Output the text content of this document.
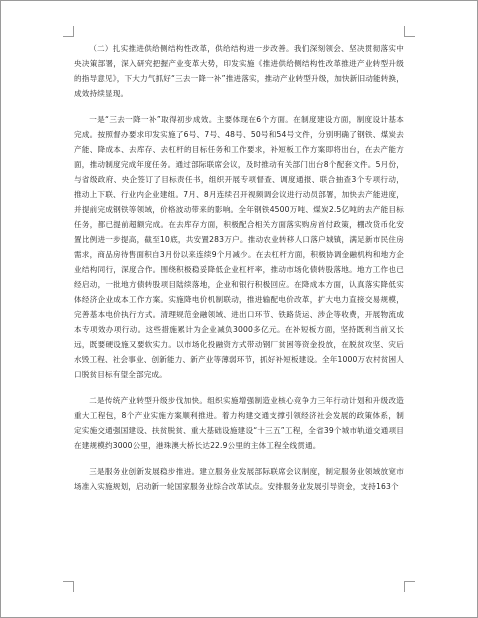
（二）扎实推进供给侧结构性改革，供给结构进一步改善。我们深刻领会、坚决贯彻落实中央决策部署，深入研究把握产业变革大势，印发实施《推进供给侧结构性改革推进产业转型升级的指导意见》，下大力气抓好“三去一降一补”推进落实，推动产业转型升级，加快新旧动能转换，成效持续显现。

一是“三去一降一补”取得初步成效。主要体现在6个方面。在制度建设方面，制度设计基本完成。按照督办要求印发实施了6号、7号、48号、50号和54号文件，分别明确了钢铁、煤炭去产能、降成本、去库存、去杠杆的目标任务和工作要求，补短板工作方案即将出台，在去产能方面，推动制度完成年度任务。通过部际联席会议，及时推动有关部门出台8个配套文件。5月份，与省级政府、央企签订了目标责任书，组织开展专项督查、调度通报、联合抽查3个专项行动，推动上下联、行业内企业建组。7月、8月连续召开视频调会议进行动员部署，加快去产能进度，并提前完成钢铁等领域，价格波动带来的影响。全年钢铁4500万吨、煤炭2.5亿吨的去产能目标任务，都已提前超额完成。在去库存方面，积极配合相关方面落实购房首付政策，棚改货币化安置比例进一步提高，截至10底，共安置283万户。推动农业转移人口落户城镇，满足新市民住房需求，商品房待售面积自3月份以来连续9个月减少。在去杠杆方面，积极协调金融机构和地方企业结构同行，深度合作。围绕积极稳妥降低企业杠杆率，推动市场化债转股落地。地方工作也已经启动，一批地方债转股项目陆续落地，企业和银行积极回应。在降成本方面，认真落实降低实体经济企业成本工作方案。实施降电价机制联动，推进输配电价改革，扩大电力直接交易规模，完善基本电价执行方式。清理规范金融领域、进出口环节、铁路货运、涉企等收费，开展物流成本专项效办项行动。这些措施累计为企业减负3000多亿元。在补短板方面，坚持既利当前又长远，既要硬设施又要软实力。以市场化投融资方式带动钢厂贫困等资金投放，在脱贫攻坚、灾后水毁工程、社会事业、创新能力、新产业等薄弱环节，抓好补短板建设。全年1000万农村贫困人口脱贫目标有望全部完成。

二是传统产业转型升级步伐加快。组织实施增强制造业核心竞争力三年行动计划和升级改造重大工程包，8个产业实施方案顺利推进。着力构建交通支撑引领经济社会发展的政策体系，制定实施交通强国建设、扶贫脱贫、重大基础设施建设“十三五”工程，全省39个城市轨道交通项目在建规模约3000公里，港珠澳大桥长达22.9公里的主体工程全线贯通。

三是服务业创新发展稳步推进。建立服务业发展部际联席会议制度，制定服务业领域放宽市场准入实施规划，启动新一轮国家服务业综合改革试点。安排服务业发展引导资金，支持163个
